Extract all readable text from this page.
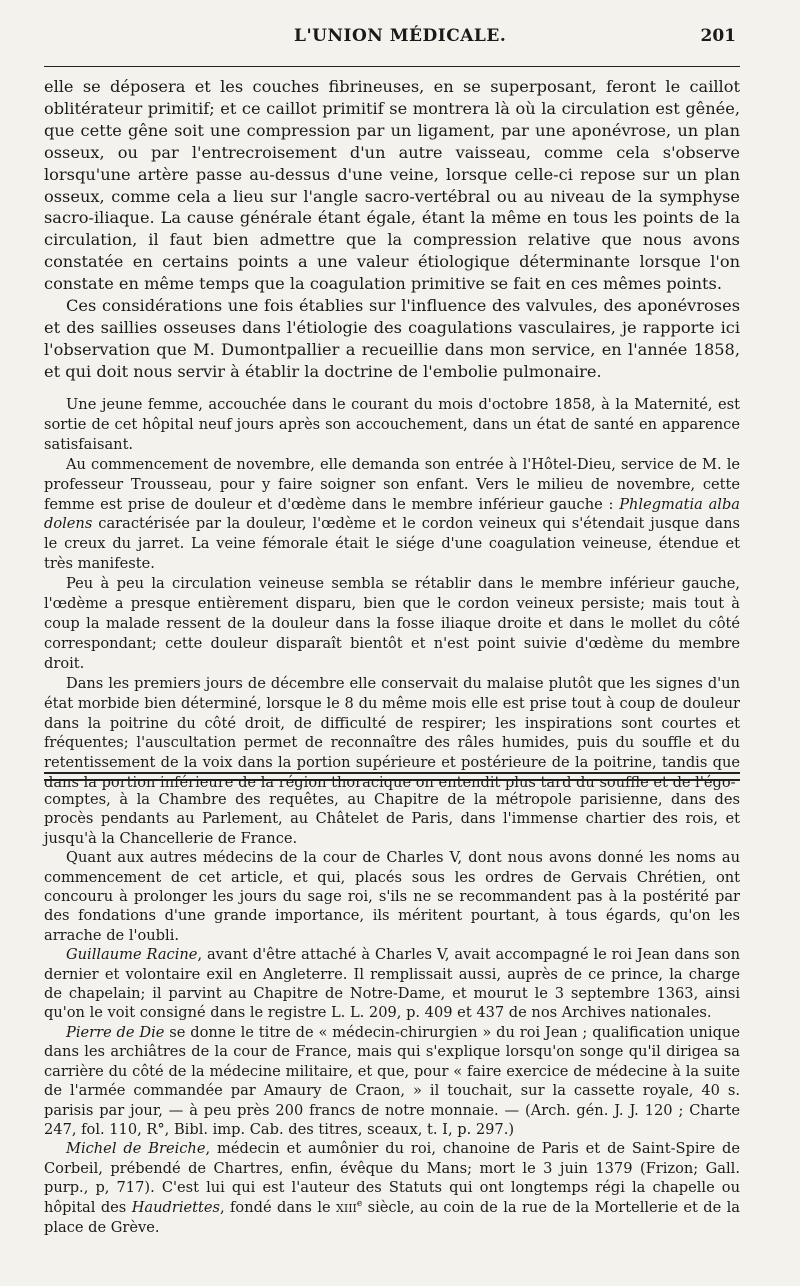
L'UNION MÉDICALE.	201

elle se déposera et les couches fibrineuses, en se superposant, feront le caillot oblitérateur primitif; et ce caillot primitif se montrera là où la circulation est gênée, que cette gêne soit une compression par un ligament, par une aponévrose, un plan osseux, ou par l'entrecroisement d'un autre vaisseau, comme cela s'observe lorsqu'une artère passe au-dessus d'une veine, lorsque celle-ci repose sur un plan osseux, comme cela a lieu sur l'angle sacro-vertébral ou au niveau de la symphyse sacro-iliaque. La cause générale étant égale, étant la même en tous les points de la circulation, il faut bien admettre que la compression relative que nous avons constatée en certains points a une valeur étiologique déterminante lorsque l'on constate en même temps que la coagulation primitive se fait en ces mêmes points.

Ces considérations une fois établies sur l'influence des valvules, des aponévroses et des saillies osseuses dans l'étiologie des coagulations vasculaires, je rapporte ici l'observation que M. Dumontpallier a recueillie dans mon service, en l'année 1858, et qui doit nous servir à établir la doctrine de l'embolie pulmonaire.

Une jeune femme, accouchée dans le courant du mois d'octobre 1858, à la Maternité, est sortie de cet hôpital neuf jours après son accouchement, dans un état de santé en apparence satisfaisant.

Au commencement de novembre, elle demanda son entrée à l'Hôtel-Dieu, service de M. le professeur Trousseau, pour y faire soigner son enfant. Vers le milieu de novembre, cette femme est prise de douleur et d'œdème dans le membre inférieur gauche : Phlegmatia alba dolens caractérisée par la douleur, l'œdème et le cordon veineux qui s'étendait jusque dans le creux du jarret. La veine fémorale était le siége d'une coagulation veineuse, étendue et très manifeste.

Peu à peu la circulation veineuse sembla se rétablir dans le membre inférieur gauche, l'œdème a presque entièrement disparu, bien que le cordon veineux persiste; mais tout à coup la malade ressent de la douleur dans la fosse iliaque droite et dans le mollet du côté correspondant; cette douleur disparaît bientôt et n'est point suivie d'œdème du membre droit.

Dans les premiers jours de décembre elle conservait du malaise plutôt que les signes d'un état morbide bien déterminé, lorsque le 8 du même mois elle est prise tout à coup de douleur dans la poitrine du côté droit, de difficulté de respirer; les inspirations sont courtes et fréquentes; l'auscultation permet de reconnaître des râles humides, puis du souffle et du retentissement de la voix dans la portion supérieure et postérieure de la poitrine, tandis que dans la portion inférieure de la région thoracique on entendit plus tard du souffle et de l'égo-

comptes, à la Chambre des requêtes, au Chapitre de la métropole parisienne, dans des procès pendants au Parlement, au Châtelet de Paris, dans l'immense chartier des rois, et jusqu'à la Chancellerie de France.

Quant aux autres médecins de la cour de Charles V, dont nous avons donné les noms au commencement de cet article, et qui, placés sous les ordres de Gervais Chrétien, ont concouru à prolonger les jours du sage roi, s'ils ne se recommandent pas à la postérité par des fondations d'une grande importance, ils méritent pourtant, à tous égards, qu'on les arrache de l'oubli.

Guillaume Racine, avant d'être attaché à Charles V, avait accompagné le roi Jean dans son dernier et volontaire exil en Angleterre. Il remplissait aussi, auprès de ce prince, la charge de chapelain; il parvint au Chapitre de Notre-Dame, et mourut le 3 septembre 1363, ainsi qu'on le voit consigné dans le registre L. L. 209, p. 409 et 437 de nos Archives nationales.

Pierre de Die se donne le titre de « médecin-chirurgien » du roi Jean ; qualification unique dans les archiâtres de la cour de France, mais qui s'explique lorsqu'on songe qu'il dirigea sa carrière du côté de la médecine militaire, et que, pour « faire exercice de médecine à la suite de l'armée commandée par Amaury de Craon, » il touchait, sur la cassette royale, 40 s. parisis par jour, — à peu près 200 francs de notre monnaie. — (Arch. gén. J. J. 120 ; Charte 247, fol. 110, R°, Bibl. imp. Cab. des titres, sceaux, t. I, p. 297.)

Michel de Breiche, médecin et aumônier du roi, chanoine de Paris et de Saint-Spire de Corbeil, prébendé de Chartres, enfin, évêque du Mans; mort le 3 juin 1379 (Frizon; Gall. purp., p, 717). C'est lui qui est l'auteur des Statuts qui ont longtemps régi la chapelle ou hôpital des Haudriettes, fondé dans le XIIIe siècle, au coin de la rue de la Mortellerie et de la place de Grève.
